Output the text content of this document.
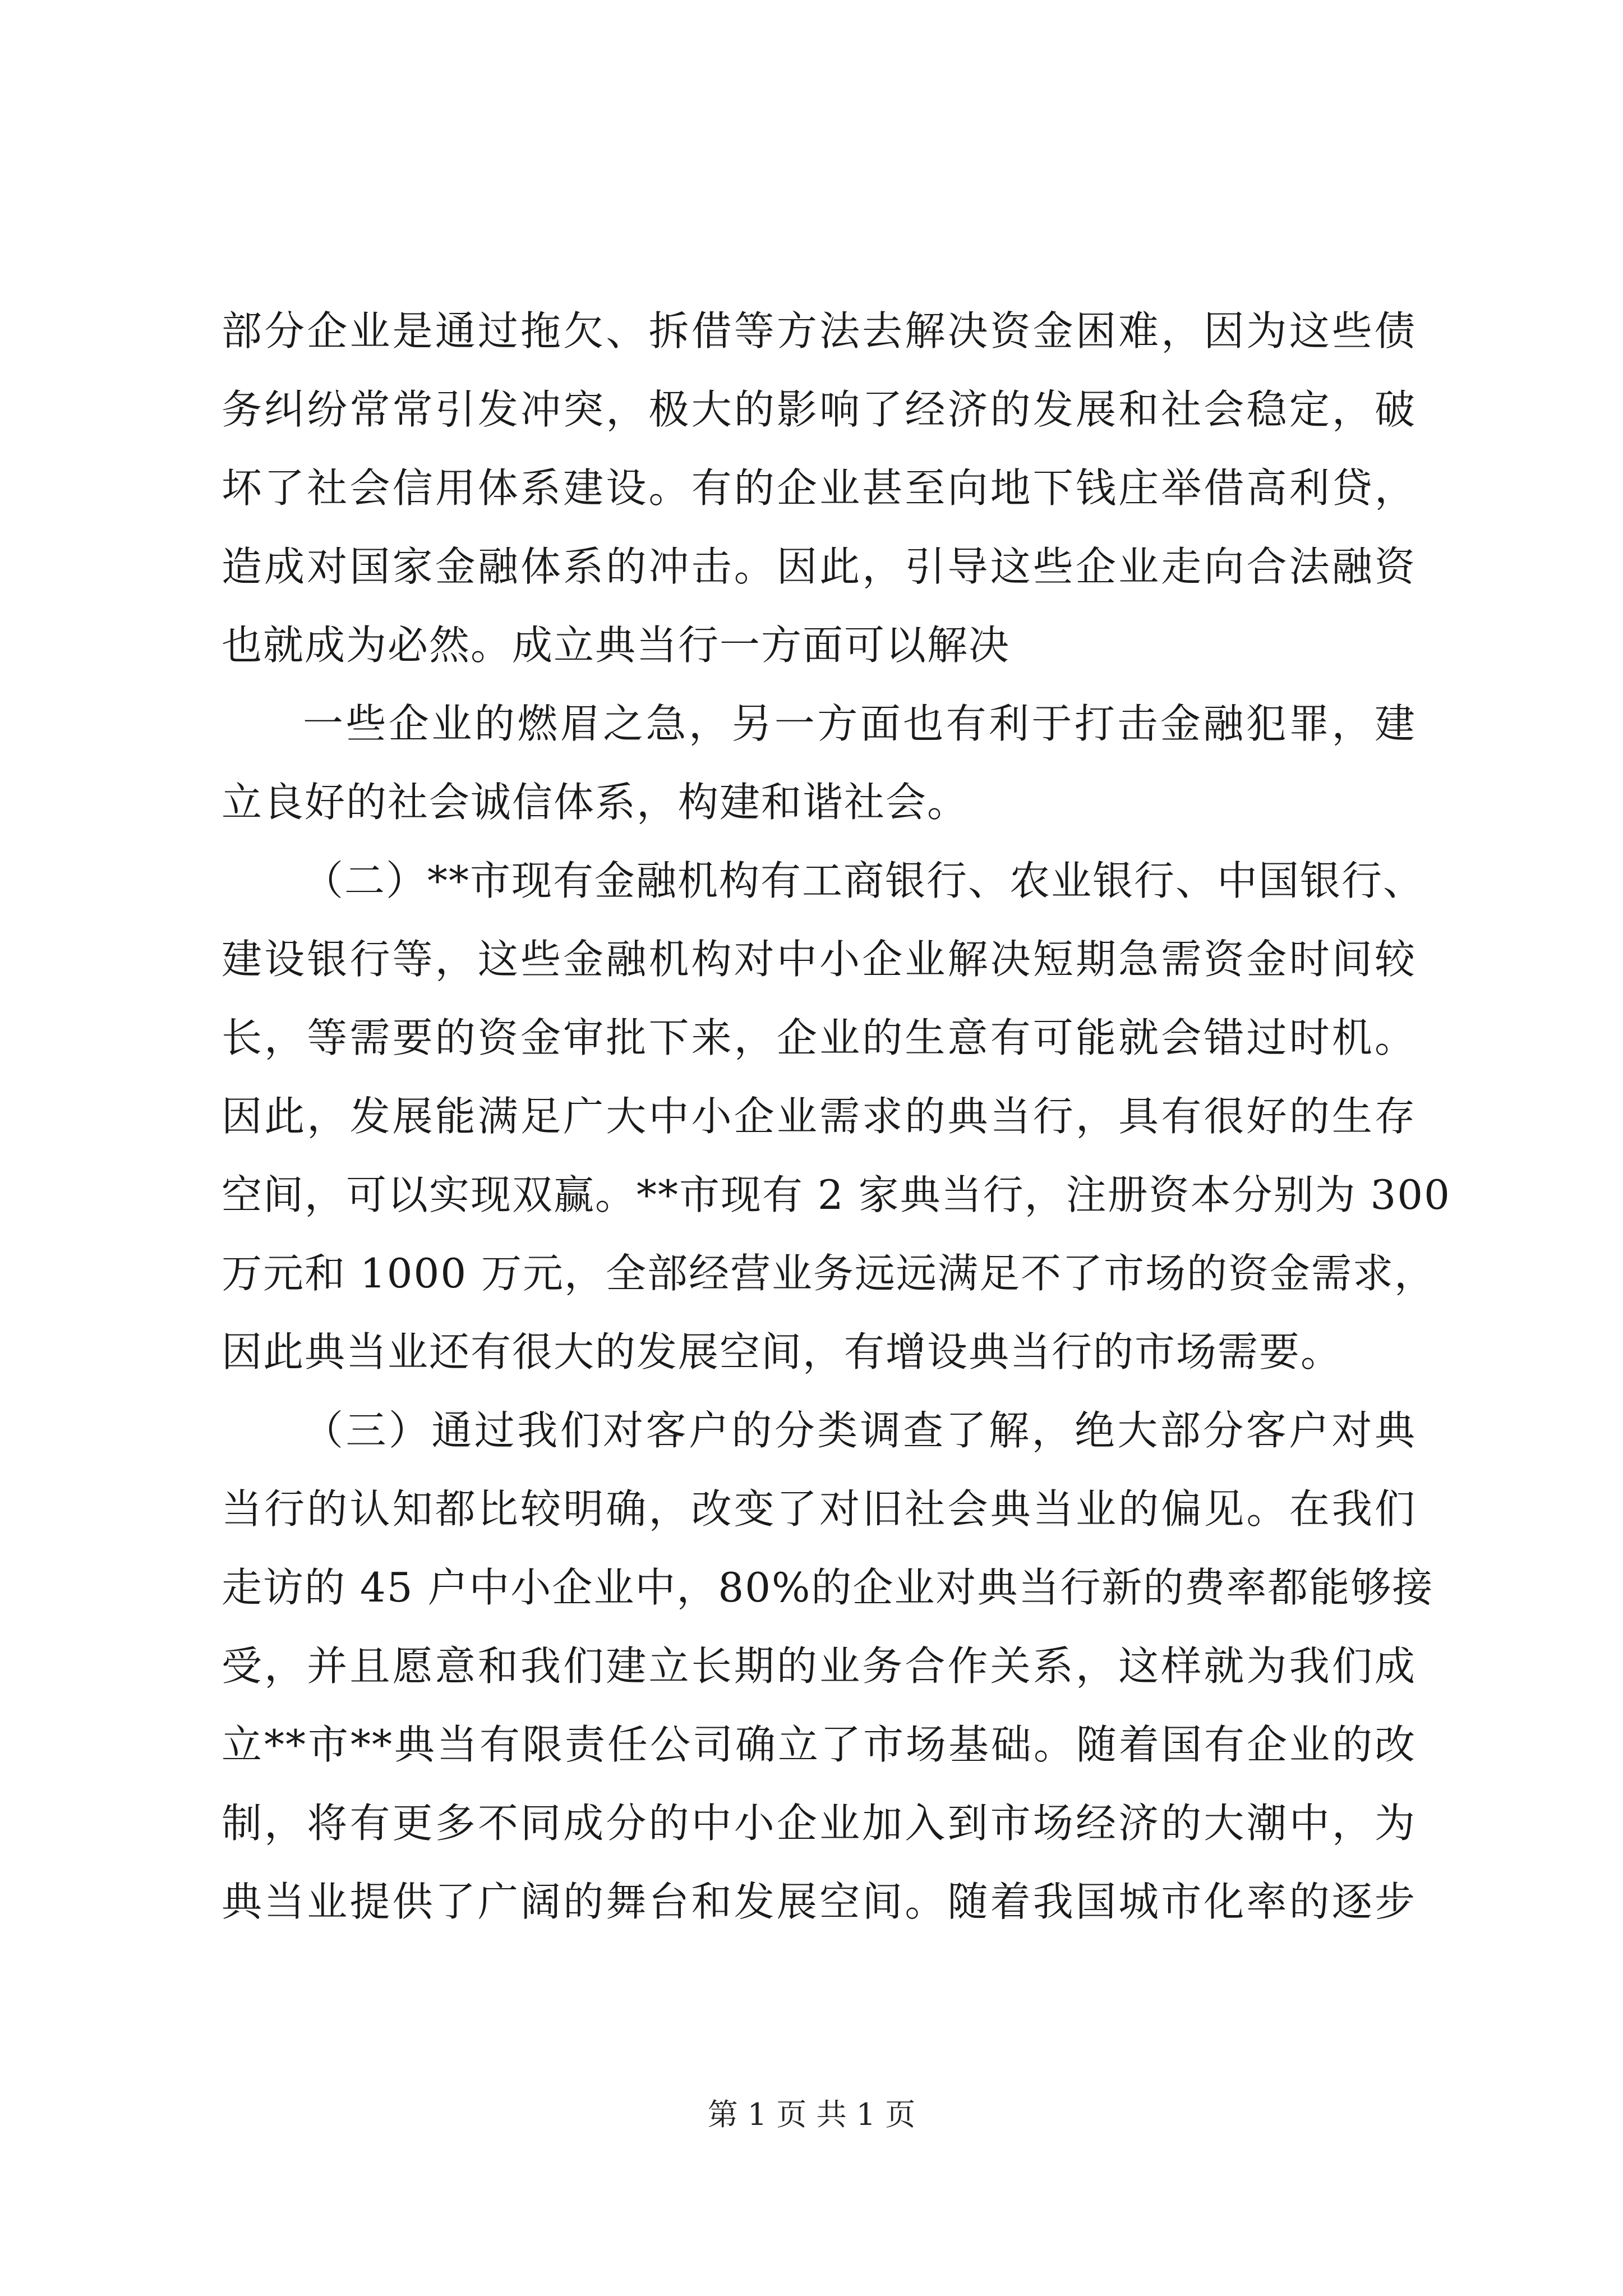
部分企业是通过拖欠、拆借等方法去解决资金困难，因为这些债
务纠纷常常引发冲突，极大的影响了经济的发展和社会稳定，破
坏了社会信用体系建设。有的企业甚至向地下钱庄举借高利贷，
造成对国家金融体系的冲击。因此，引导这些企业走向合法融资
也就成为必然。成立典当行一方面可以解决
一些企业的燃眉之急，另一方面也有利于打击金融犯罪，建
立良好的社会诚信体系，构建和谐社会。
（二）**市现有金融机构有工商银行、农业银行、中国银行、
建设银行等，这些金融机构对中小企业解决短期急需资金时间较
长，等需要的资金审批下来，企业的生意有可能就会错过时机。
因此，发展能满足广大中小企业需求的典当行，具有很好的生存
空间，可以实现双赢。**市现有 2 家典当行，注册资本分别为 300
万元和 1000 万元，全部经营业务远远满足不了市场的资金需求，
因此典当业还有很大的发展空间，有增设典当行的市场需要。
（三）通过我们对客户的分类调查了解，绝大部分客户对典
当行的认知都比较明确，改变了对旧社会典当业的偏见。在我们
走访的 45 户中小企业中，80%的企业对典当行新的费率都能够接
受，并且愿意和我们建立长期的业务合作关系，这样就为我们成
立**市**典当有限责任公司确立了市场基础。随着国有企业的改
制，将有更多不同成分的中小企业加入到市场经济的大潮中，为
典当业提供了广阔的舞台和发展空间。随着我国城市化率的逐步
第 1 页 共 1 页
